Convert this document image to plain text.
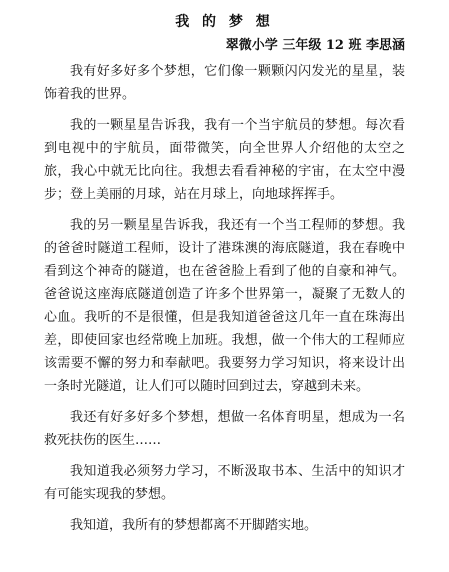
我 的 梦 想
翠微小学 三年级 12 班 李思涵

我有好多好多个梦想，它们像一颗颗闪闪发光的星星，装饰着我的世界。

我的一颗星星告诉我，我有一个当宇航员的梦想。每次看到电视中的宇航员，面带微笑，向全世界人介绍他的太空之旅，我心中就无比向往。我想去看看神秘的宇宙，在太空中漫步；登上美丽的月球，站在月球上，向地球挥挥手。

我的另一颗星星告诉我，我还有一个当工程师的梦想。我的爸爸时隧道工程师，设计了港珠澳的海底隧道，我在春晚中看到这个神奇的隧道，也在爸爸脸上看到了他的自豪和神气。爸爸说这座海底隧道创造了许多个世界第一，凝聚了无数人的心血。我听的不是很懂，但是我知道爸爸这几年一直在珠海出差，即使回家也经常晚上加班。我想，做一个伟大的工程师应该需要不懈的努力和奉献吧。我要努力学习知识，将来设计出一条时光隧道，让人们可以随时回到过去，穿越到未来。

我还有好多好多个梦想，想做一名体育明星，想成为一名救死扶伤的医生……

我知道我必须努力学习，不断汲取书本、生活中的知识才有可能实现我的梦想。

我知道，我所有的梦想都离不开脚踏实地。
